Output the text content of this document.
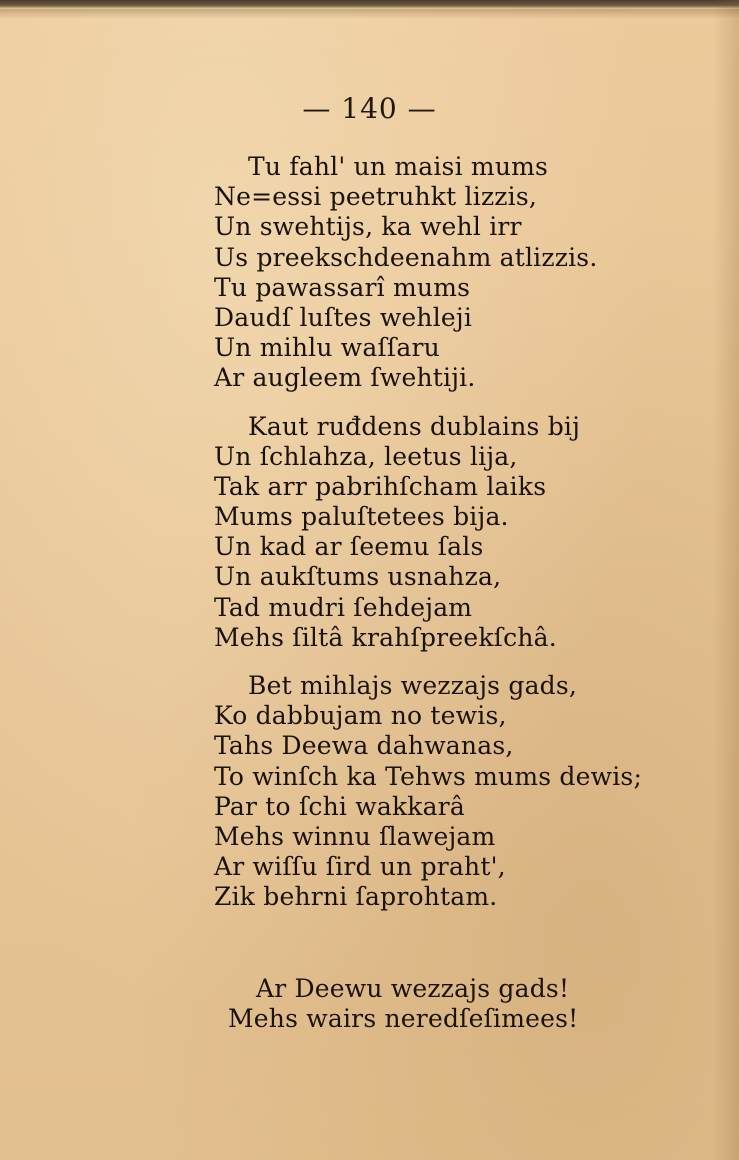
— 140 —
Tu fahl' un maisi mums
Ne=essi peetruhkt lizzis,
Un swehtijs, ka wehl irr
Us preekschdeenahm atlizzis.
Tu pawassarî mums
Daudſ luſtes wehleji
Un mihlu waſſaru
Ar augleem ſwehtiji.
Kaut ruđdens dublains bij
Un ſchlahza, leetus lija,
Tak arr pabrihſcham laiks
Mums paluſtetees bija.
Un kad ar ſeemu ſals
Un aukſtums usnahza,
Tad mudri ſehdejam
Mehs ſiltâ krahſpreekſchâ.
Bet mihlajs wezzajs gads,
Ko dabbujam no tewis,
Tahs Deewa dahwanas,
To winſch ka Tehws mums dewis;
Par to ſchi wakkarâ
Mehs winnu ſlawejam
Ar wiſſu ſird un praht',
Zik behrni ſaprohtam.
Ar Deewu wezzajs gads!
Mehs wairs neredſeſimees!
